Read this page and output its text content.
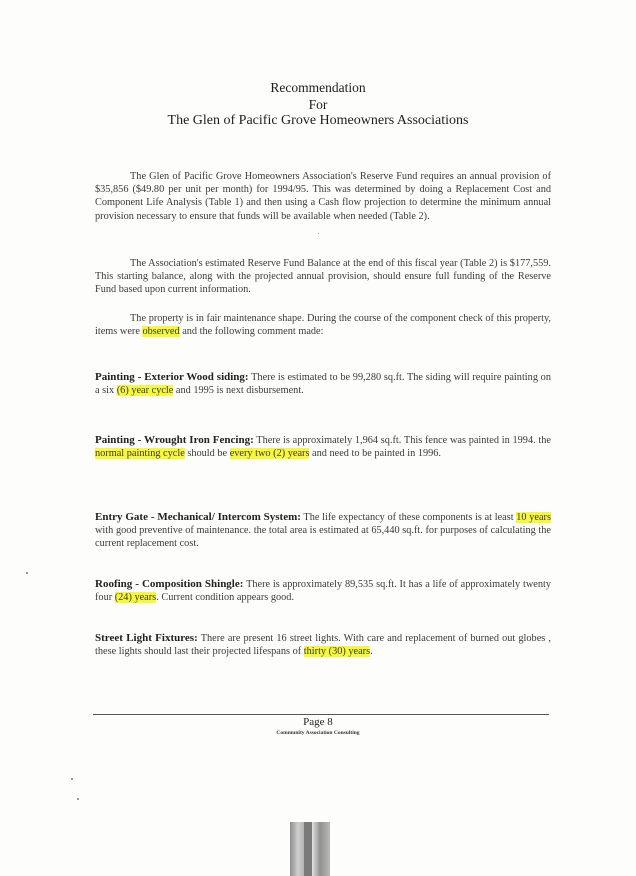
Recommendation
For
The Glen of Pacific Grove Homeowners Associations
The Glen of Pacific Grove Homeowners Association's Reserve Fund requires an annual provision of $35,856 ($49.80 per unit per month) for 1994/95. This was determined by doing a Replacement Cost and Component Life Analysis (Table 1) and then using a Cash flow projection to determine the minimum annual provision necessary to ensure that funds will be available when needed (Table 2).
The Association's estimated Reserve Fund Balance at the end of this fiscal year (Table 2) is $177,559. This starting balance, along with the projected annual provision, should ensure full funding of the Reserve Fund based upon current information.
The property is in fair maintenance shape. During the course of the component check of this property, items were observed and the following comment made:
Painting - Exterior Wood siding: There is estimated to be 99,280 sq.ft. The siding will require painting on a six (6) year cycle and 1995 is next disbursement.
Painting - Wrought Iron Fencing: There is approximately 1,964 sq.ft. This fence was painted in 1994. the normal painting cycle should be every two (2) years and need to be painted in 1996.
Entry Gate - Mechanical/ Intercom System: The life expectancy of these components is at least 10 years with good preventive of maintenance. the total area is estimated at 65,440 sq.ft. for purposes of calculating the current replacement cost.
Roofing - Composition Shingle: There is approximately 89,535 sq.ft. It has a life of approximately twenty four (24) years. Current condition appears good.
Street Light Fixtures: There are present 16 street lights. With care and replacement of burned out globes , these lights should last their projected lifespans of thirty (30) years.
Page 8
Community Association Consulting
